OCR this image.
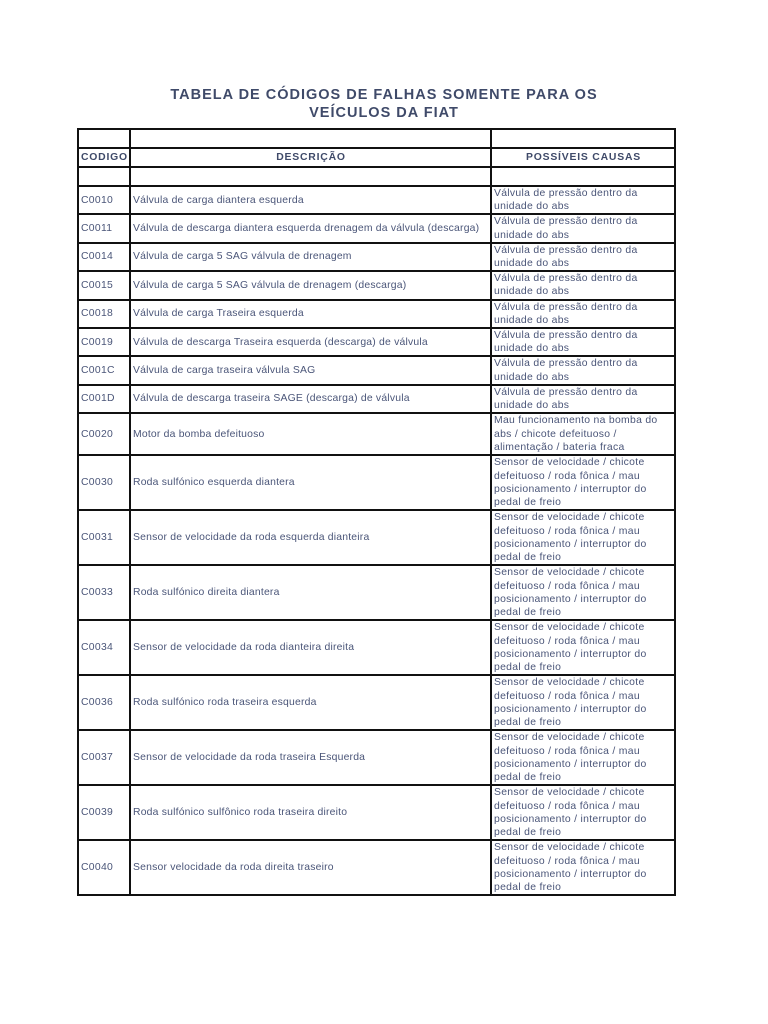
TABELA DE CÓDIGOS DE FALHAS SOMENTE PARA OS
VEÍCULOS DA FIAT

CODIGO	DESCRIÇÃO	POSSÍVEIS CAUSAS

C0010	Válvula de carga diantera esquerda	Válvula de pressão dentro da unidade do abs
C0011	Válvula de descarga diantera esquerda drenagem da válvula (descarga)	Válvula de pressão dentro da unidade do abs
C0014	Válvula de carga 5 SAG válvula de drenagem	Válvula de pressão dentro da unidade do abs
C0015	Válvula de carga 5 SAG válvula de drenagem (descarga)	Válvula de pressão dentro da unidade do abs
C0018	Válvula de carga Traseira esquerda	Válvula de pressão dentro da unidade do abs
C0019	Válvula de descarga Traseira esquerda (descarga) de válvula	Válvula de pressão dentro da unidade do abs
C001C	Válvula de carga traseira válvula SAG	Válvula de pressão dentro da unidade do abs
C001D	Válvula de descarga traseira SAGE (descarga) de válvula	Válvula de pressão dentro da unidade do abs
C0020	Motor da bomba defeituoso	Mau funcionamento na bomba do abs / chicote defeituoso / alimentação / bateria fraca
C0030	Roda sulfónico esquerda diantera	Sensor de velocidade / chicote defeituoso / roda fônica / mau posicionamento / interruptor do pedal de freio
C0031	Sensor de velocidade da roda esquerda dianteira	Sensor de velocidade / chicote defeituoso / roda fônica / mau posicionamento / interruptor do pedal de freio
C0033	Roda sulfónico direita diantera	Sensor de velocidade / chicote defeituoso / roda fônica / mau posicionamento / interruptor do pedal de freio
C0034	Sensor de velocidade da roda dianteira direita	Sensor de velocidade / chicote defeituoso / roda fônica / mau posicionamento / interruptor do pedal de freio
C0036	Roda sulfónico roda traseira esquerda	Sensor de velocidade / chicote defeituoso / roda fônica / mau posicionamento / interruptor do pedal de freio
C0037	Sensor de velocidade da roda traseira Esquerda	Sensor de velocidade / chicote defeituoso / roda fônica / mau posicionamento / interruptor do pedal de freio
C0039	Roda sulfónico sulfônico roda traseira direito	Sensor de velocidade / chicote defeituoso / roda fônica / mau posicionamento / interruptor do pedal de freio
C0040	Sensor velocidade da roda direita traseiro	Sensor de velocidade / chicote defeituoso / roda fônica / mau posicionamento / interruptor do pedal de freio
